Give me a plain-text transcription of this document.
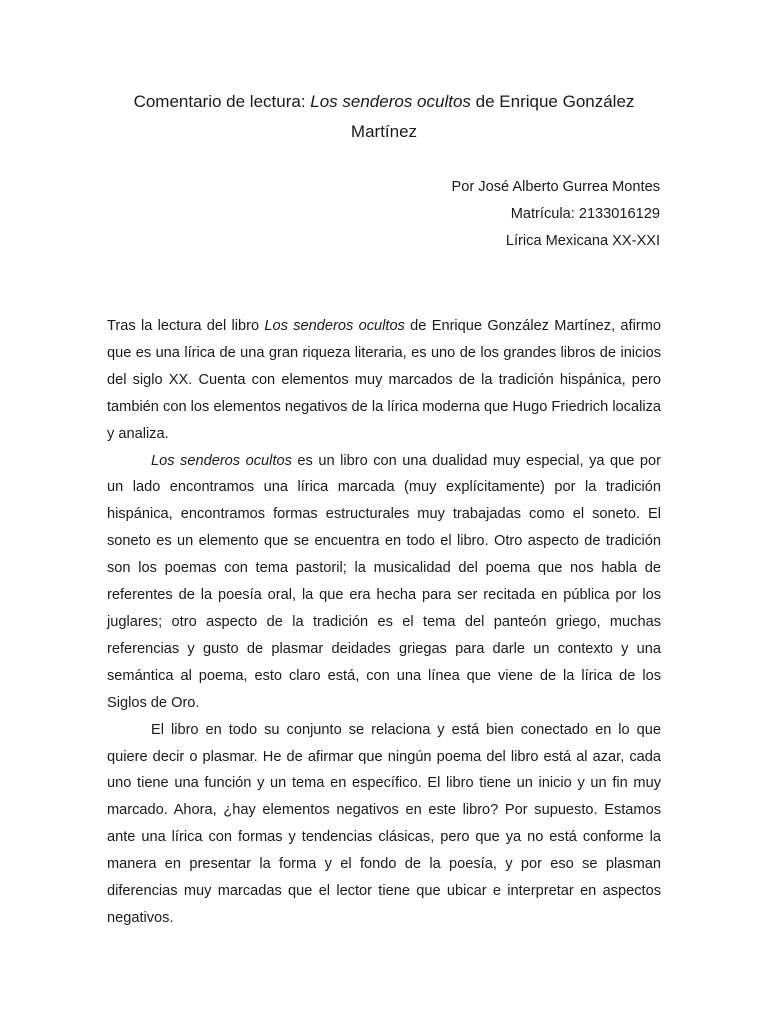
Comentario de lectura: Los senderos ocultos de Enrique González Martínez
Por José Alberto Gurrea Montes
Matrícula: 2133016129
Lírica Mexicana XX-XXI

Tras la lectura del libro Los senderos ocultos de Enrique González Martínez, afirmo que es una lírica de una gran riqueza literaria, es uno de los grandes libros de inicios del siglo XX. Cuenta con elementos muy marcados de la tradición hispánica, pero también con los elementos negativos de la lírica moderna que Hugo Friedrich localiza y analiza.

Los senderos ocultos es un libro con una dualidad muy especial, ya que por un lado encontramos una lírica marcada (muy explícitamente) por la tradición hispánica, encontramos formas estructurales muy trabajadas como el soneto. El soneto es un elemento que se encuentra en todo el libro. Otro aspecto de tradición son los poemas con tema pastoril; la musicalidad del poema que nos habla de referentes de la poesía oral, la que era hecha para ser recitada en pública por los juglares; otro aspecto de la tradición es el tema del panteón griego, muchas referencias y gusto de plasmar deidades griegas para darle un contexto y una semántica al poema, esto claro está, con una línea que viene de la lírica de los Siglos de Oro.

El libro en todo su conjunto se relaciona y está bien conectado en lo que quiere decir o plasmar. He de afirmar que ningún poema del libro está al azar, cada uno tiene una función y un tema en específico. El libro tiene un inicio y un fin muy marcado. Ahora, ¿hay elementos negativos en este libro? Por supuesto. Estamos ante una lírica con formas y tendencias clásicas, pero que ya no está conforme la manera en presentar la forma y el fondo de la poesía, y por eso se plasman diferencias muy marcadas que el lector tiene que ubicar e interpretar en aspectos negativos.
